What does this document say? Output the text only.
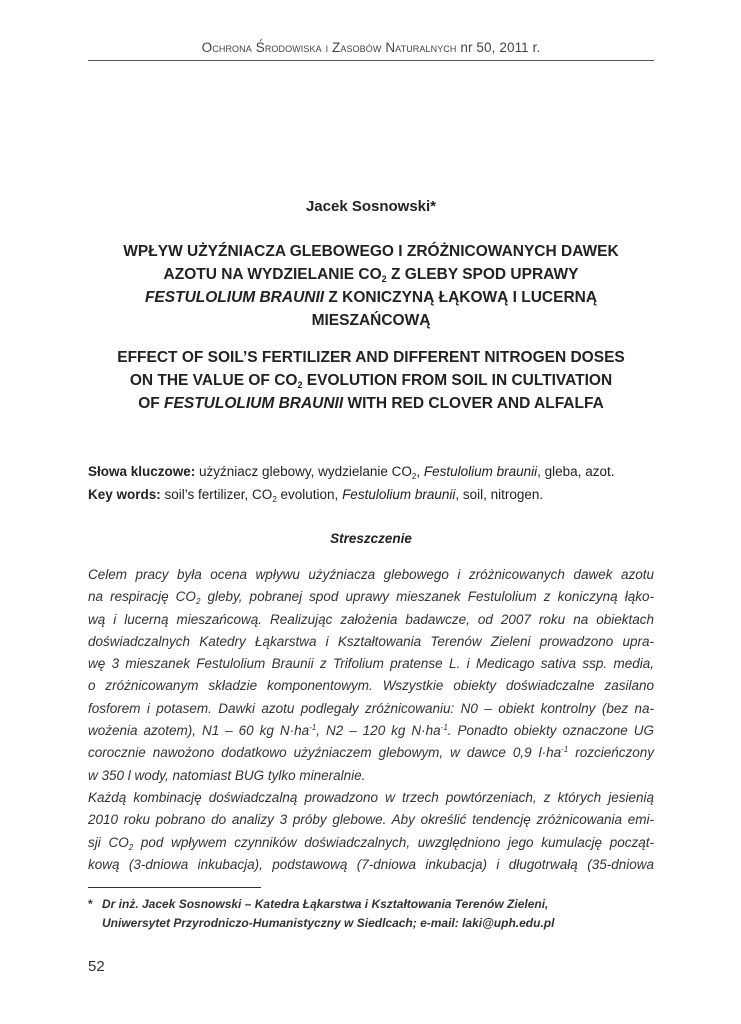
Ochrona Środowiska i Zasobów Naturalnych nr 50, 2011 r.
Jacek Sosnowski*
WPŁYW UŻYŹNIACZA GLEBOWEGO I ZRÓŻNICOWANYCH DAWEK
AZOTU NA WYDZIELANIE $CO_2$ Z GLEBY SPOD UPRAWY
FESTULOLIUM BRAUNII Z KONICZYNĄ ŁĄKOWĄ I LUCERNĄ
MIESZAŃCOWĄ
EFFECT OF SOIL’S FERTILIZER AND DIFFERENT NITROGEN DOSES
ON THE VALUE OF $CO_2$ EVOLUTION FROM SOIL IN CULTIVATION
OF FESTULOLIUM BRAUNII WITH RED CLOVER AND ALFALFA
Słowa kluczowe: użyźniacz glebowy, wydzielanie $CO_2$, Festulolium braunii, gleba, azot.
Key words: soil’s fertilizer, $CO_2$ evolution, Festulolium braunii, soil, nitrogen.
Streszczenie
Celem pracy była ocena wpływu użyźniacza glebowego i zróżnicowanych dawek azotu
na respirację $CO_2$ gleby, pobranej spod uprawy mieszanek Festulolium z koniczyną łąko-
wą i lucerną mieszańcową. Realizując założenia badawcze, od 2007 roku na obiektach
doświadczalnych Katedry Łąkarstwa i Kształtowania Terenów Zieleni prowadzono upra-
wę 3 mieszanek Festulolium Braunii z Trifolium pratense L. i Medicago sativa ssp. media,
o zróżnicowanym składzie komponentowym. Wszystkie obiekty doświadczalne zasilano
fosforem i potasem. Dawki azotu podlegały zróżnicowaniu: N0 – obiekt kontrolny (bez na-
wożenia azotem), N1 – 60 kg $N\cdot ha^{-1}$, N2 – 120 kg $N\cdot ha^{-1}$. Ponadto obiekty oznaczone UG
corocznie nawożono dodatkowo użyźniaczem glebowym, w dawce 0,9 $l\cdot ha^{-1}$ rozcieńczony
w 350 l wody, natomiast BUG tylko mineralnie.
Każdą kombinację doświadczalną prowadzono w trzech powtórzeniach, z których jesienią
2010 roku pobrano do analizy 3 próby glebowe. Aby określić tendencję zróżnicowania emi-
sji $CO_2$ pod wpływem czynników doświadczalnych, uwzględniono jego kumulację począt-
kową (3-dniowa inkubacja), podstawową (7-dniowa inkubacja) i długotrwałą (35-dniowa
* Dr inż. Jacek Sosnowski – Katedra Łąkarstwa i Kształtowania Terenów Zieleni,
Uniwersytet Przyrodniczo-Humanistyczny w Siedlcach; e-mail: laki@uph.edu.pl
52
